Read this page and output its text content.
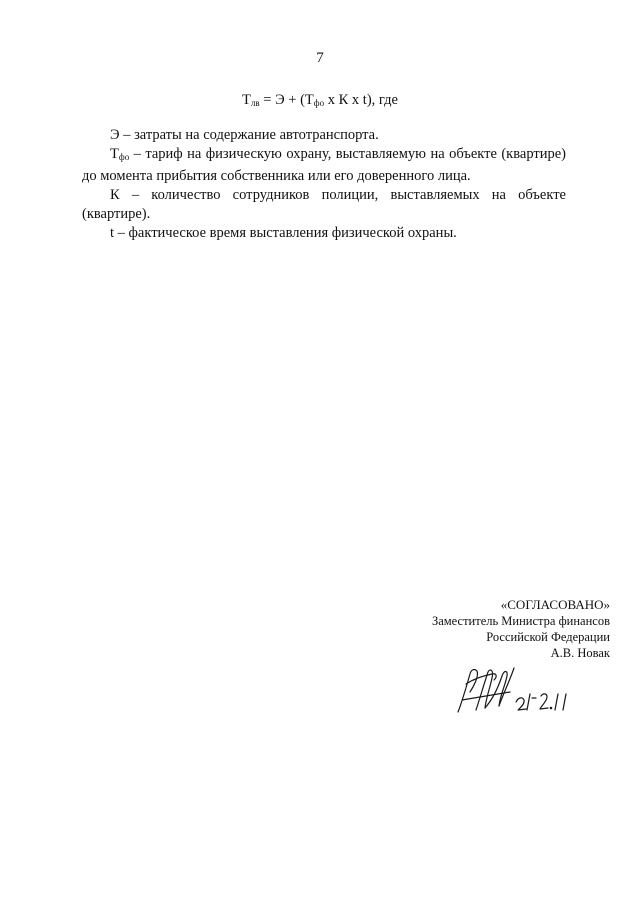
7
$Т_{лв} = Э + (Т_{фо}$ х К х t), где

Э – затраты на содержание автотранспорта.

$Т_{фо}$ – тариф на физическую охрану, выставляемую на объекте (квартире) до момента прибытия собственника или его доверенного лица.

К – количество сотрудников полиции, выставляемых на объекте (квартире).

t – фактическое время выставления физической охраны.

«СОГЛАСОВАНО»
Заместитель Министра финансов
Российской Федерации
А.В. Новак
